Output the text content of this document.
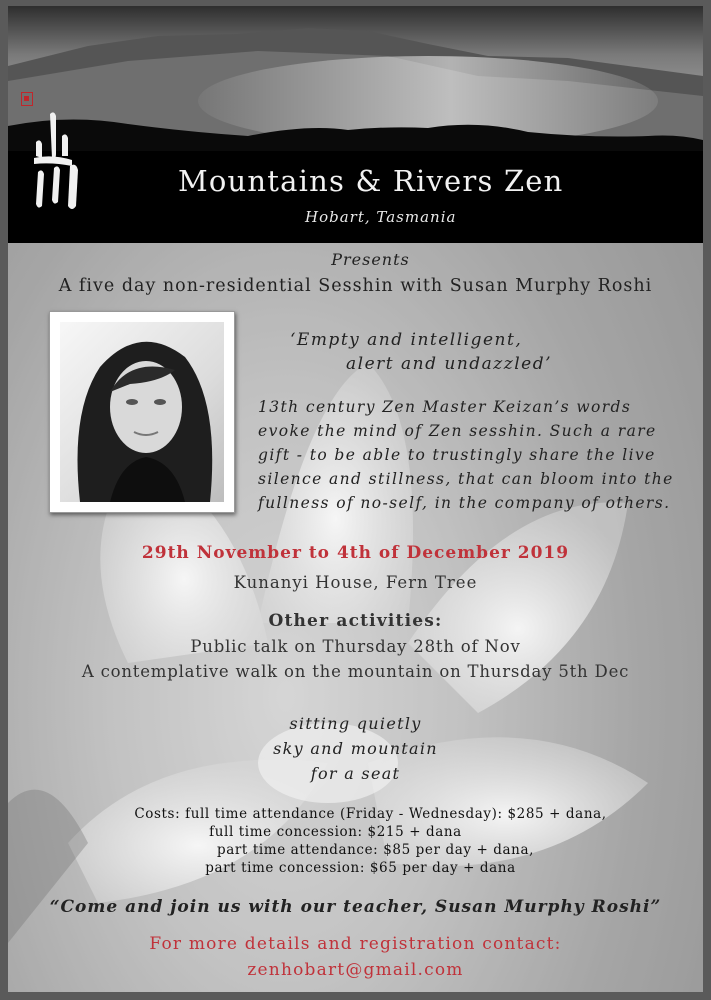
Mountains & Rivers Zen
Hobart, Tasmania
Presents
A five day non-residential Sesshin with Susan Murphy Roshi
‘Empty and intelligent,
alert and undazzled’
13th century Zen Master Keizan’s words
evoke the mind of Zen sesshin. Such a rare
gift - to be able to trustingly share the live
silence and stillness, that can bloom into the
fullness of no-self, in the company of others.
29th November to 4th of December 2019
Kunanyi House, Fern Tree
Other activities:
Public talk on Thursday 28th of Nov
A contemplative walk on the mountain on Thursday 5th Dec
sitting quietly
sky and mountain
for a seat
Costs: full time attendance (Friday - Wednesday): $285 + dana,
full time concession: $215 + dana
part time attendance: $85 per day + dana,
part time concession: $65 per day + dana
“Come and join us with our teacher, Susan Murphy Roshi”
For more details and registration contact:
zenhobart@gmail.com
